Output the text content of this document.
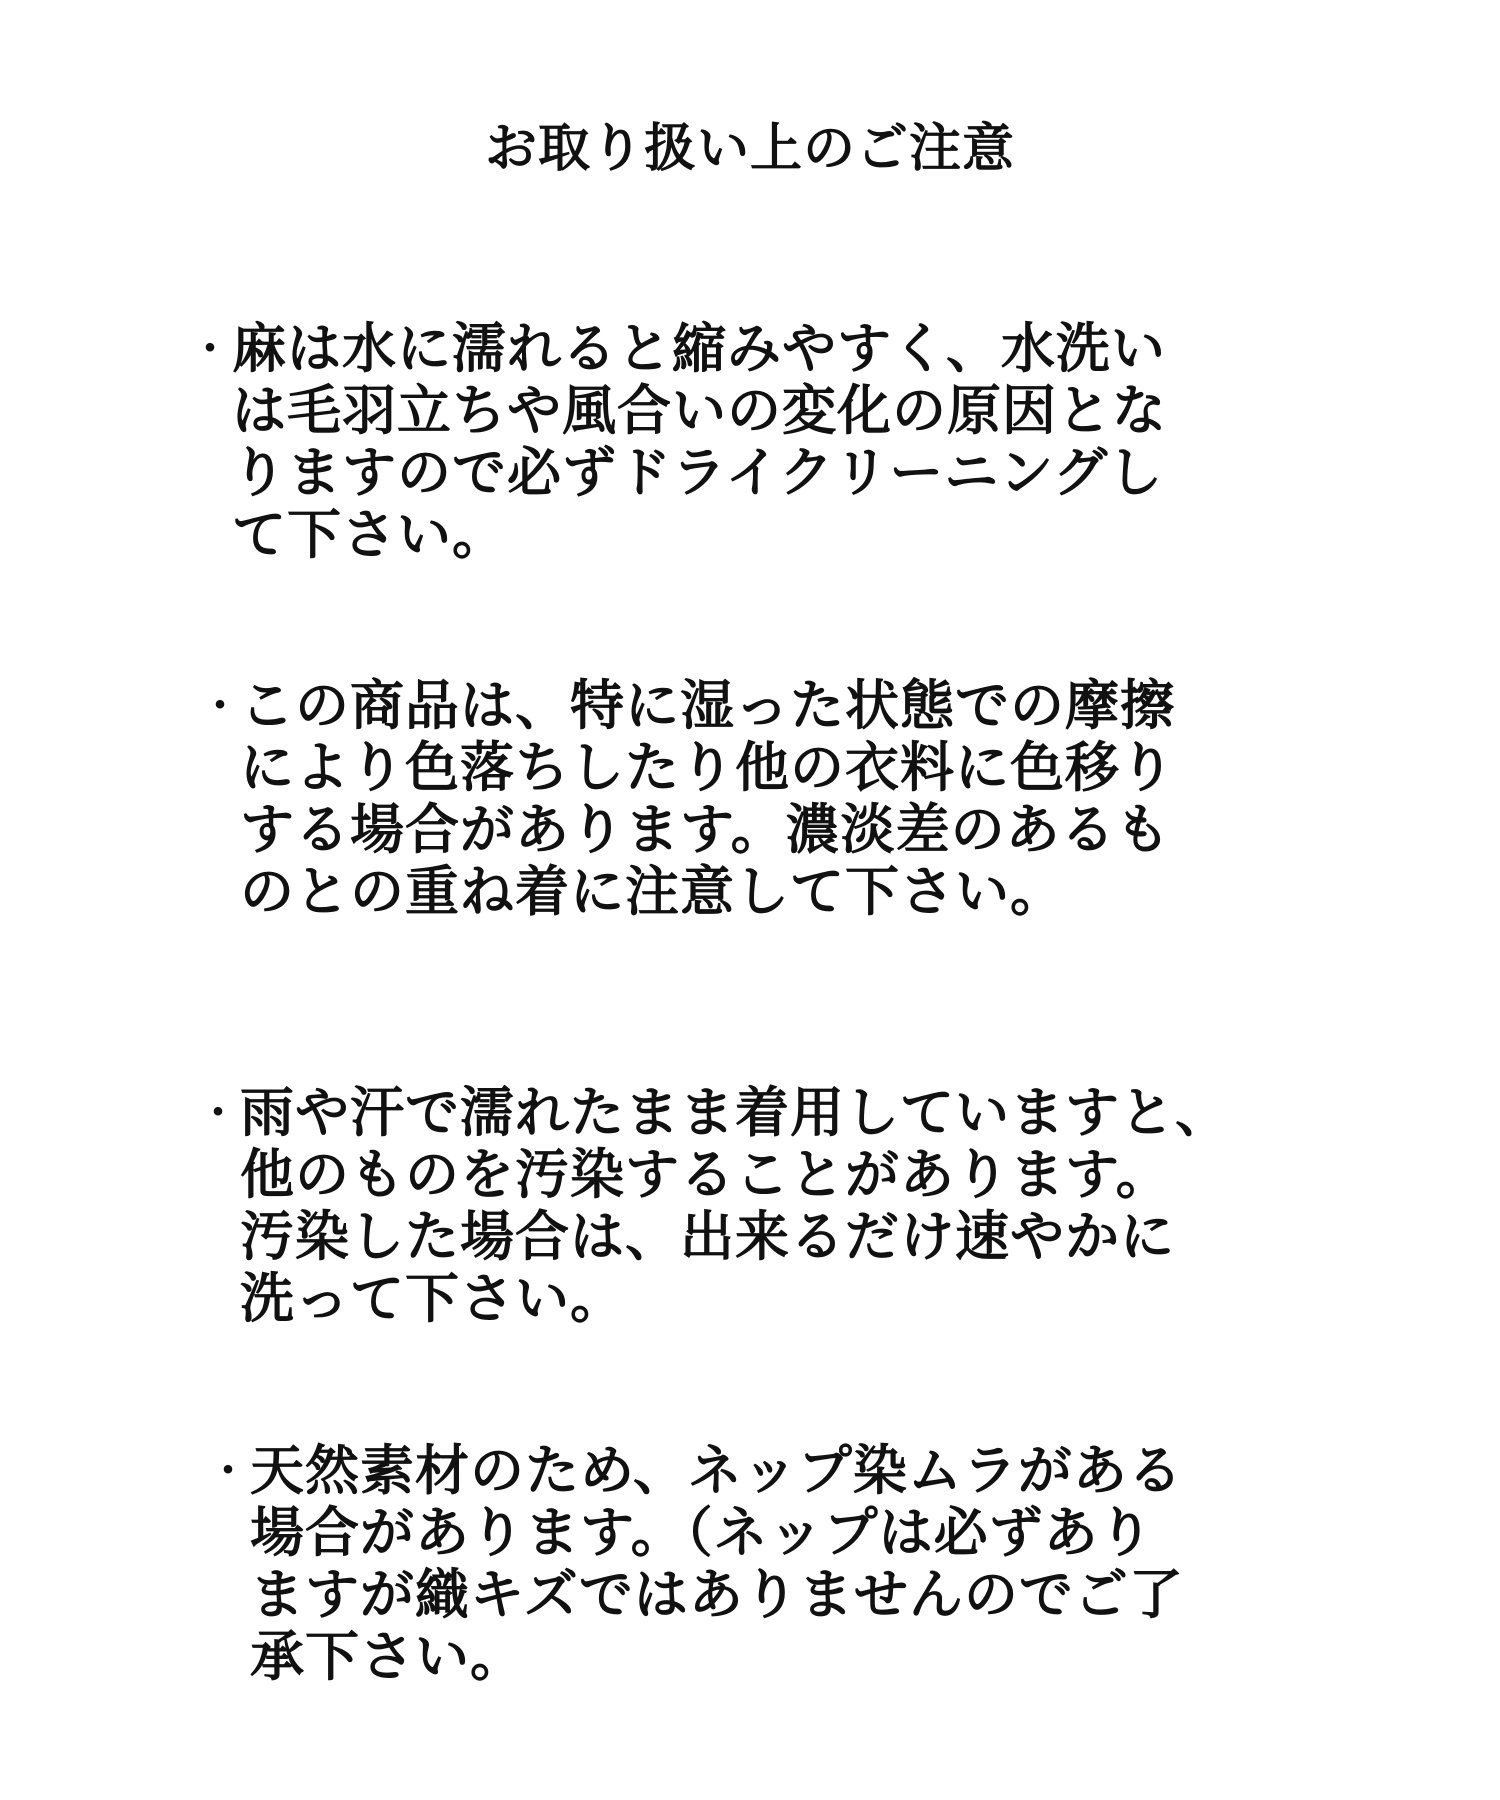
お取り扱い上のご注意
・ 麻は水に濡れると縮みやすく、水洗い
は毛羽立ちや風合いの変化の原因とな
りますので必ずドライクリーニングし
て下さい。
・ この商品は、特に湿った状態での摩擦
により色落ちしたり他の衣料に色移り
する場合があります。濃淡差のあるも
のとの重ね着に注意して下さい。
・ 雨や汗で濡れたまま着用していますと、
他のものを汚染することがあります。
汚染した場合は、出来るだけ速やかに
洗って下さい。
・ 天然素材のため、ネップ染ムラがある
場合があります。（ネップは必ずあり
ますが織キズではありませんのでご了
承下さい。
